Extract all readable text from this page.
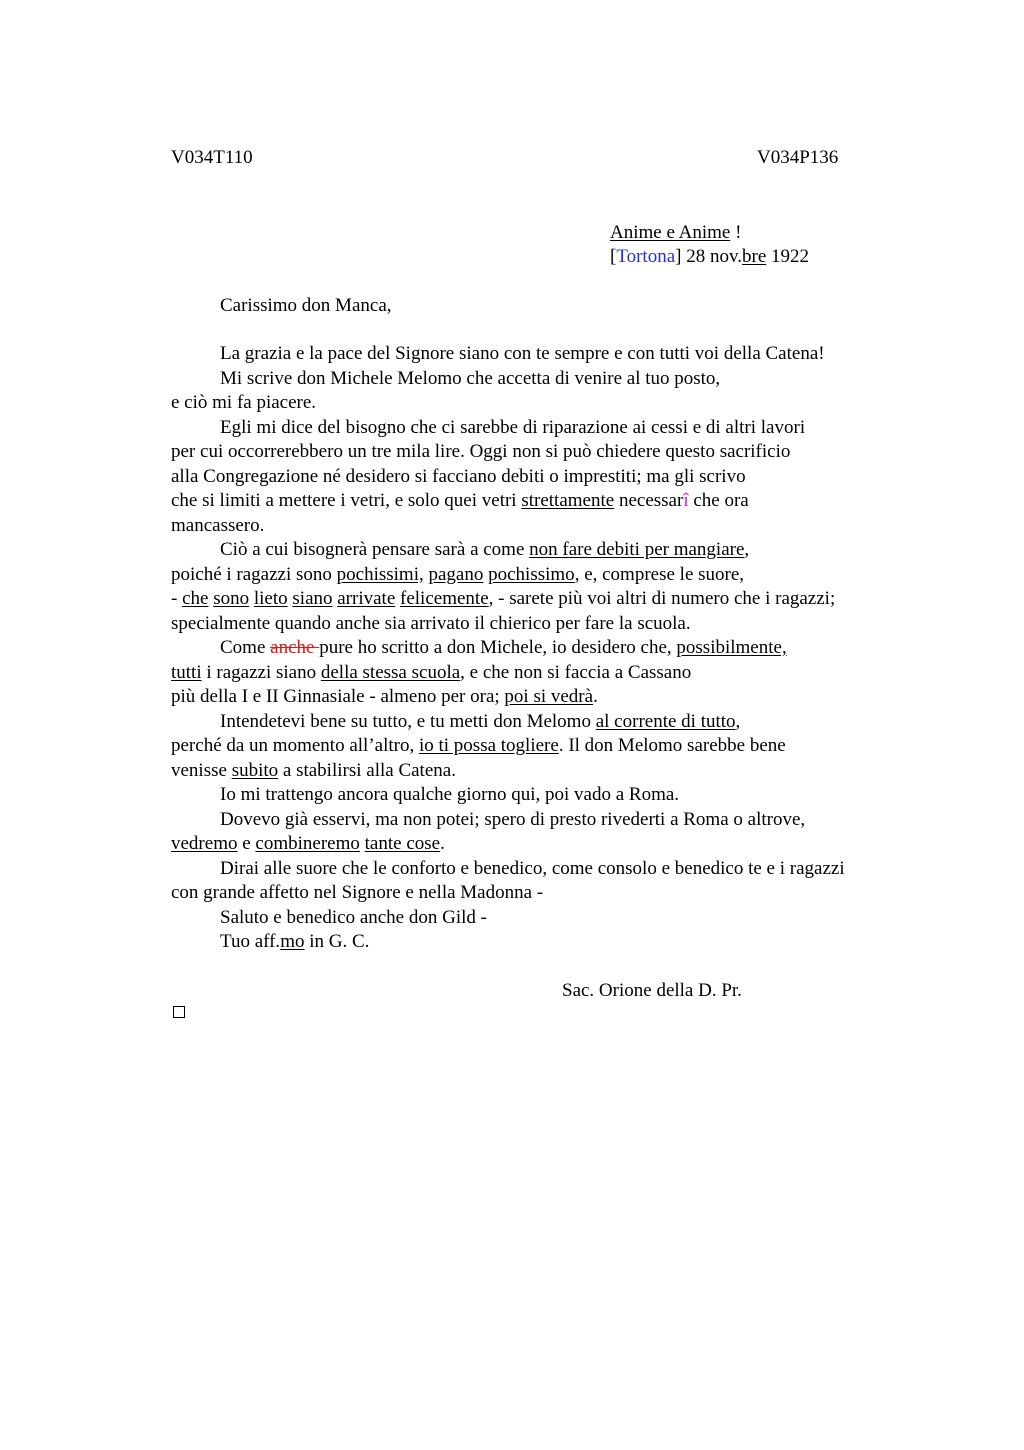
V034T110	V034P136
Anime e Anime !
[Tortona] 28 nov.bre 1922
Carissimo don Manca,
La grazia e la pace del Signore siano con te sempre e con tutti voi della Catena!
Mi scrive don Michele Melomo che accetta di venire al tuo posto,
e ciò mi fa piacere.
Egli mi dice del bisogno che ci sarebbe di riparazione ai cessi e di altri lavori
per cui occorrerebbero un tre mila lire. Oggi non si può chiedere questo sacrificio
alla Congregazione né desidero si facciano debiti o imprestiti; ma gli scrivo
che si limiti a mettere i vetri, e solo quei vetri strettamente necessarî che ora
mancassero.
Ciò a cui bisognerà pensare sarà a come non fare debiti per mangiare,
poiché i ragazzi sono pochissimi, pagano pochissimo, e, comprese le suore,
- che sono lieto siano arrivate felicemente, - sarete più voi altri di numero che i ragazzi;
specialmente quando anche sia arrivato il chierico per fare la scuola.
Come anche pure ho scritto a don Michele, io desidero che, possibilmente,
tutti i ragazzi siano della stessa scuola, e che non si faccia a Cassano
più della I e II Ginnasiale - almeno per ora; poi si vedrà.
Intendetevi bene su tutto, e tu metti don Melomo al corrente di tutto,
perché da un momento all’altro, io ti possa togliere. Il don Melomo sarebbe bene
venisse subito a stabilirsi alla Catena.
Io mi trattengo ancora qualche giorno qui, poi vado a Roma.
Dovevo già esservi, ma non potei; spero di presto rivederti a Roma o altrove,
vedremo e combineremo tante cose.
Dirai alle suore che le conforto e benedico, come consolo e benedico te e i ragazzi
con grande affetto nel Signore e nella Madonna -
Saluto e benedico anche don Gild -
Tuo aff.mo in G. C.
Sac. Orione della D. Pr.
